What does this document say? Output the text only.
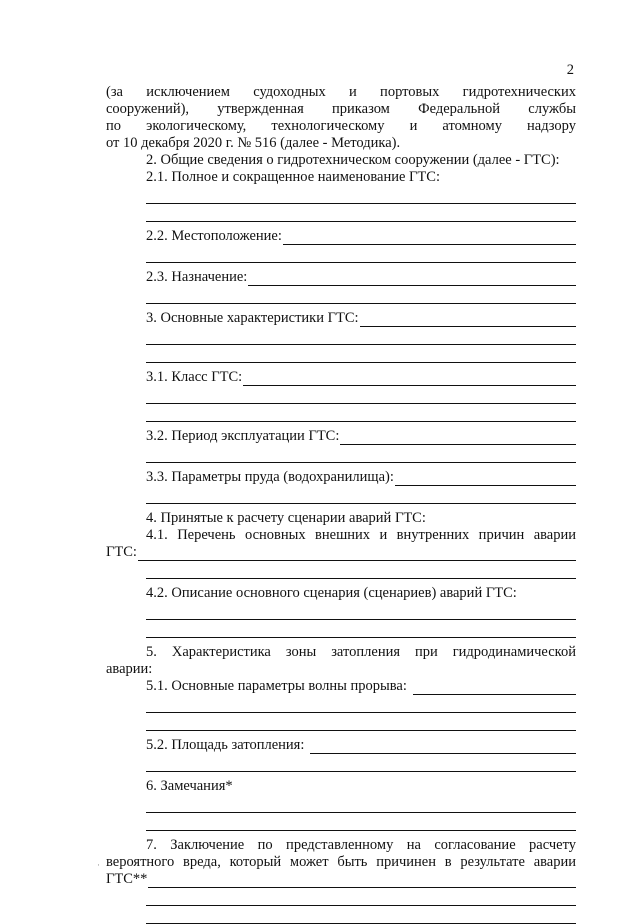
2
(за исключением судоходных и портовых гидротехнических
сооружений), утвержденная приказом Федеральной службы
по экологическому, технологическому и атомному надзору
от 10 декабря 2020 г. № 516 (далее - Методика).
2. Общие сведения о гидротехническом сооружении (далее - ГТС):
2.1. Полное и сокращенное наименование ГТС:
2.2. Местоположение:
2.3. Назначение:
3. Основные характеристики ГТС:
3.1. Класс ГТС:
3.2. Период эксплуатации ГТС:
3.3. Параметры пруда (водохранилища):
4. Принятые к расчету сценарии аварий ГТС:
4.1. Перечень основных внешних и внутренних причин аварии
ГТС:
4.2. Описание основного сценария (сценариев) аварий ГТС:
5. Характеристика зоны затопления при гидродинамической
аварии:
5.1. Основные параметры волны прорыва:
5.2. Площадь затопления:
6. Замечания*
7. Заключение по представленному на согласование расчету
вероятного вреда, который может быть причинен в результате аварии
ГТС**
·
